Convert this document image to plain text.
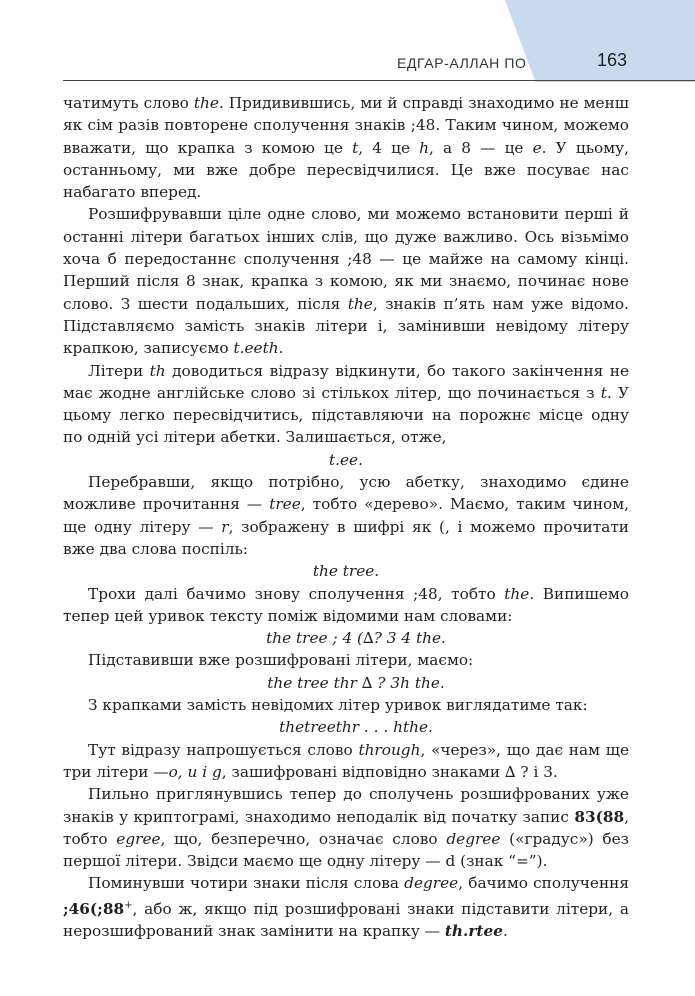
ЕДГАР-АЛЛАН ПО	163

чатимуть слово the. Придивившись, ми й справді знаходимо не менш як сім разів повторене сполучення знаків ;48. Таким чином, можемо вважати, що крапка з комою це t, 4 це h, а 8 — це e. У цьому, останньому, ми вже добре пересвідчилися. Це вже посуває нас набагато вперед.

Розшифрувавши ціле одне слово, ми можемо встановити перші й останні літери багатьох інших слів, що дуже важливо. Ось візьмімо хоча б передостаннє сполучення ;48 — це майже на самому кінці. Перший після 8 знак, крапка з комою, як ми знаємо, починає нове слово. З шести подальших, після the, знаків п’ять нам уже відомо. Підставляємо замість знаків літери і, замінивши невідому літеру крапкою, записуємо t.eeth.

Літери th доводиться відразу відкинути, бо такого закінчення не має жодне англійське слово зі стількох літер, що починається з t. У цьому легко пересвідчитись, підставляючи на порожнє місце одну по одній усі літери абетки. Залишається, отже,

t.ee.

Перебравши, якщо потрібно, усю абетку, знаходимо єдине можливе прочитання — tree, тобто «дерево». Маємо, таким чином, ще одну літеру — r, зображену в шифрі як (, і можемо прочитати вже два слова поспіль:

the tree.

Трохи далі бачимо знову сполучення ;48, тобто the. Випишемо тепер цей уривок тексту поміж відомими нам словами:

the tree ; 4 (∆? 3 4 the.

Підставивши вже розшифровані літери, маємо:

the tree thr ∆ ? 3h the.

З крапками замість невідомих літер уривок виглядатиме так:

thetreethr . . . hthe.

Тут відразу напрошується слово through, «через», що дає нам ще три літери —o, u і g, зашифровані відповідно знаками ∆ ? і 3.

Пильно приглянувшись тепер до сполучень розшифрованих уже знаків у криптограмі, знаходимо неподалік від початку запис 83(88, тобто egree, що, безперечно, означає слово degree («градус») без першої літери. Звідси маємо ще одну літеру — d (знак “=”).

Поминувши чотири знаки після слова degree, бачимо сполучення ;46(;88+, або ж, якщо під розшифровані знаки підставити літери, а нерозшифрований знак замінити на крапку — th.rtee.
